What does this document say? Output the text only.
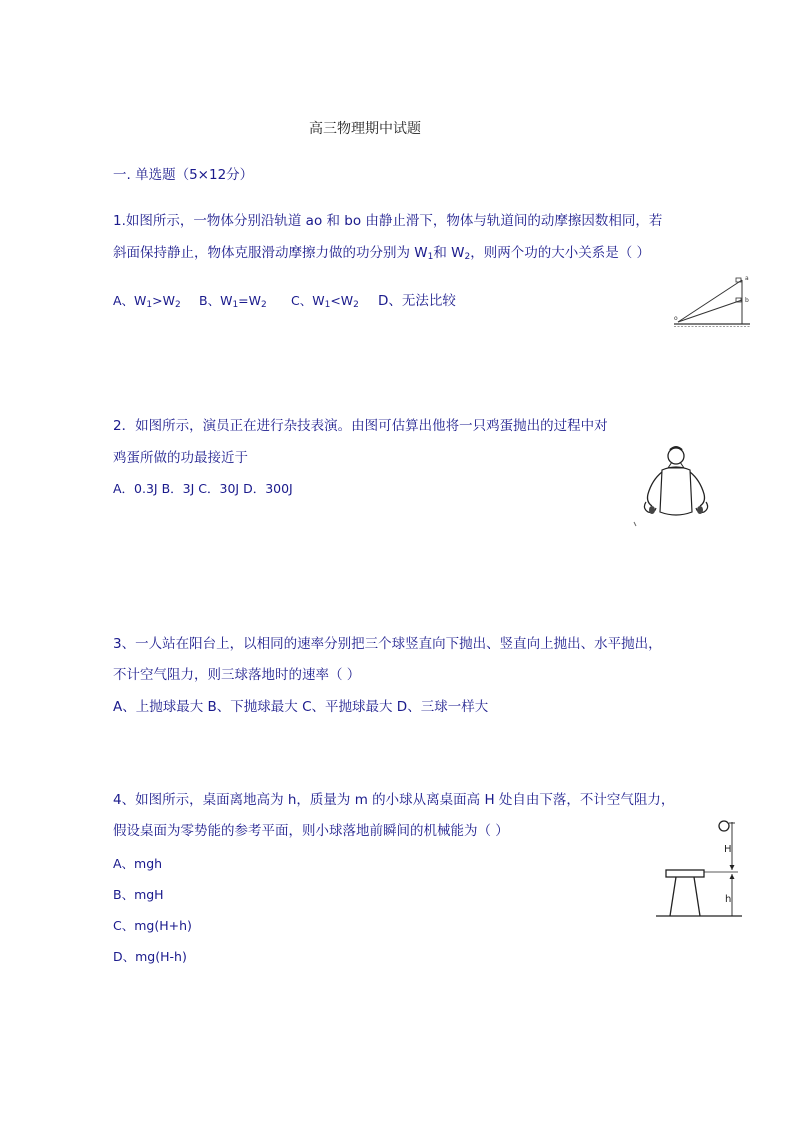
高三物理期中试题
一. 单选题（5×12分）
1.如图所示，一物体分别沿轨道 ao 和 bo 由静止滑下，物体与轨道间的动摩擦因数相同，若
斜面保持静止，物体克服滑动摩擦力做的功分别为 $W_1$和 $W_2$，则两个功的大小关系是（ ）
A、$W_1>W_2$ B、$W_1=W_2$ C、$W_1<W_2$ D、无法比较
o
a
b
2．如图所示，演员正在进行杂技表演。由图可估算出他将一只鸡蛋抛出的过程中对
鸡蛋所做的功最接近于
A．0.3J B．3J C．30J D．300J
3、一人站在阳台上，以相同的速率分别把三个球竖直向下抛出、竖直向上抛出、水平抛出，
不计空气阻力，则三球落地时的速率（ ）
A、上抛球最大 B、下抛球最大 C、平抛球最大 D、三球一样大
4、如图所示，桌面离地高为 h，质量为 m 的小球从离桌面高 H 处自由下落，不计空气阻力，
假设桌面为零势能的参考平面，则小球落地前瞬间的机械能为（ ）
A、mgh
B、mgH
C、mg(H+h)
D、mg(H-h)
H
h
